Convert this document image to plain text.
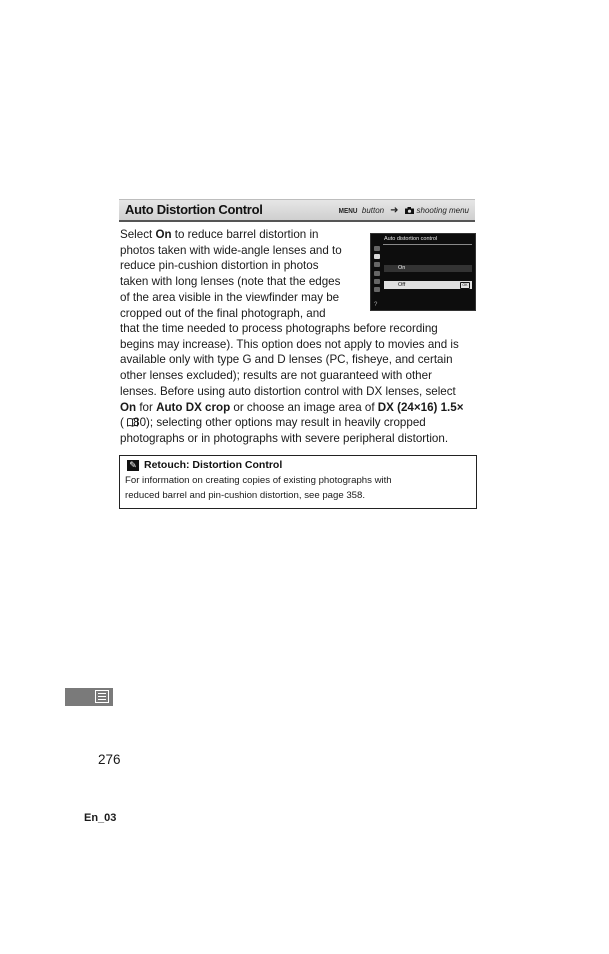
Auto Distortion Control	MENU button ➜ shooting menu
Select On to reduce barrel distortion in
photos taken with wide-angle lenses and to
reduce pin-cushion distortion in photos
taken with long lenses (note that the edges
of the area visible in the viewfinder may be
cropped out of the final photograph, and
Auto distortion control
On
Off	OK
?
that the time needed to process photographs before recording
begins may increase). This option does not apply to movies and is
available only with type G and D lenses (PC, fisheye, and certain
other lenses excluded); results are not guaranteed with other
lenses. Before using auto distortion control with DX lenses, select
On for Auto DX crop or choose an image area of DX (24×16) 1.5×
(    80); selecting other options may result in heavily cropped
photographs or in photographs with severe peripheral distortion.
✎ Retouch: Distortion Control
For information on creating copies of existing photographs with
reduced barrel and pin-cushion distortion, see page 358.
276
En_03
